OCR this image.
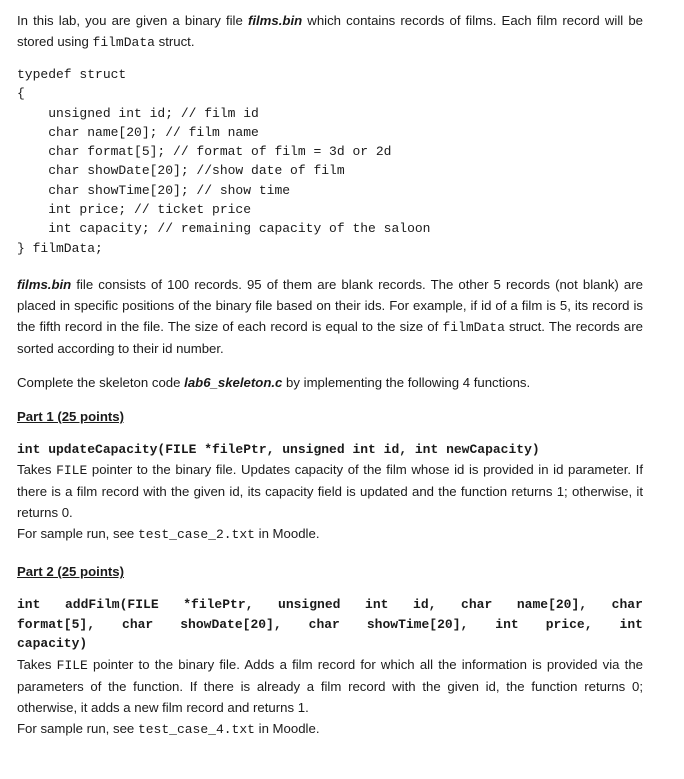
In this lab, you are given a binary file films.bin which contains records of films. Each film record will be stored using filmData struct.

typedef struct
{
unsigned int id; // film id
char name[20]; // film name
char format[5]; // format of film = 3d or 2d
char showDate[20]; //show date of film
char showTime[20]; // show time
int price; // ticket price
int capacity; // remaining capacity of the saloon
} filmData;

films.bin file consists of 100 records. 95 of them are blank records. The other 5 records (not blank) are placed in specific positions of the binary file based on their ids. For example, if id of a film is 5, its record is the fifth record in the file. The size of each record is equal to the size of filmData struct. The records are sorted according to their id number.

Complete the skeleton code lab6_skeleton.c by implementing the following 4 functions.

Part 1 (25 points)
int updateCapacity(FILE *filePtr, unsigned int id, int newCapacity)

Takes FILE pointer to the binary file. Updates capacity of the film whose id is provided in id parameter. If there is a film record with the given id, its capacity field is updated and the function returns 1; otherwise, it returns 0.

For sample run, see test_case_2.txt in Moodle.

Part 2 (25 points)
int addFilm(FILE *filePtr, unsigned int id, char name[20], char
format[5], char showDate[20], char showTime[20], int price, int
capacity)

Takes FILE pointer to the binary file. Adds a film record for which all the information is provided via the parameters of the function. If there is already a film record with the given id, the function returns 0; otherwise, it adds a new film record and returns 1.

For sample run, see test_case_4.txt in Moodle.
